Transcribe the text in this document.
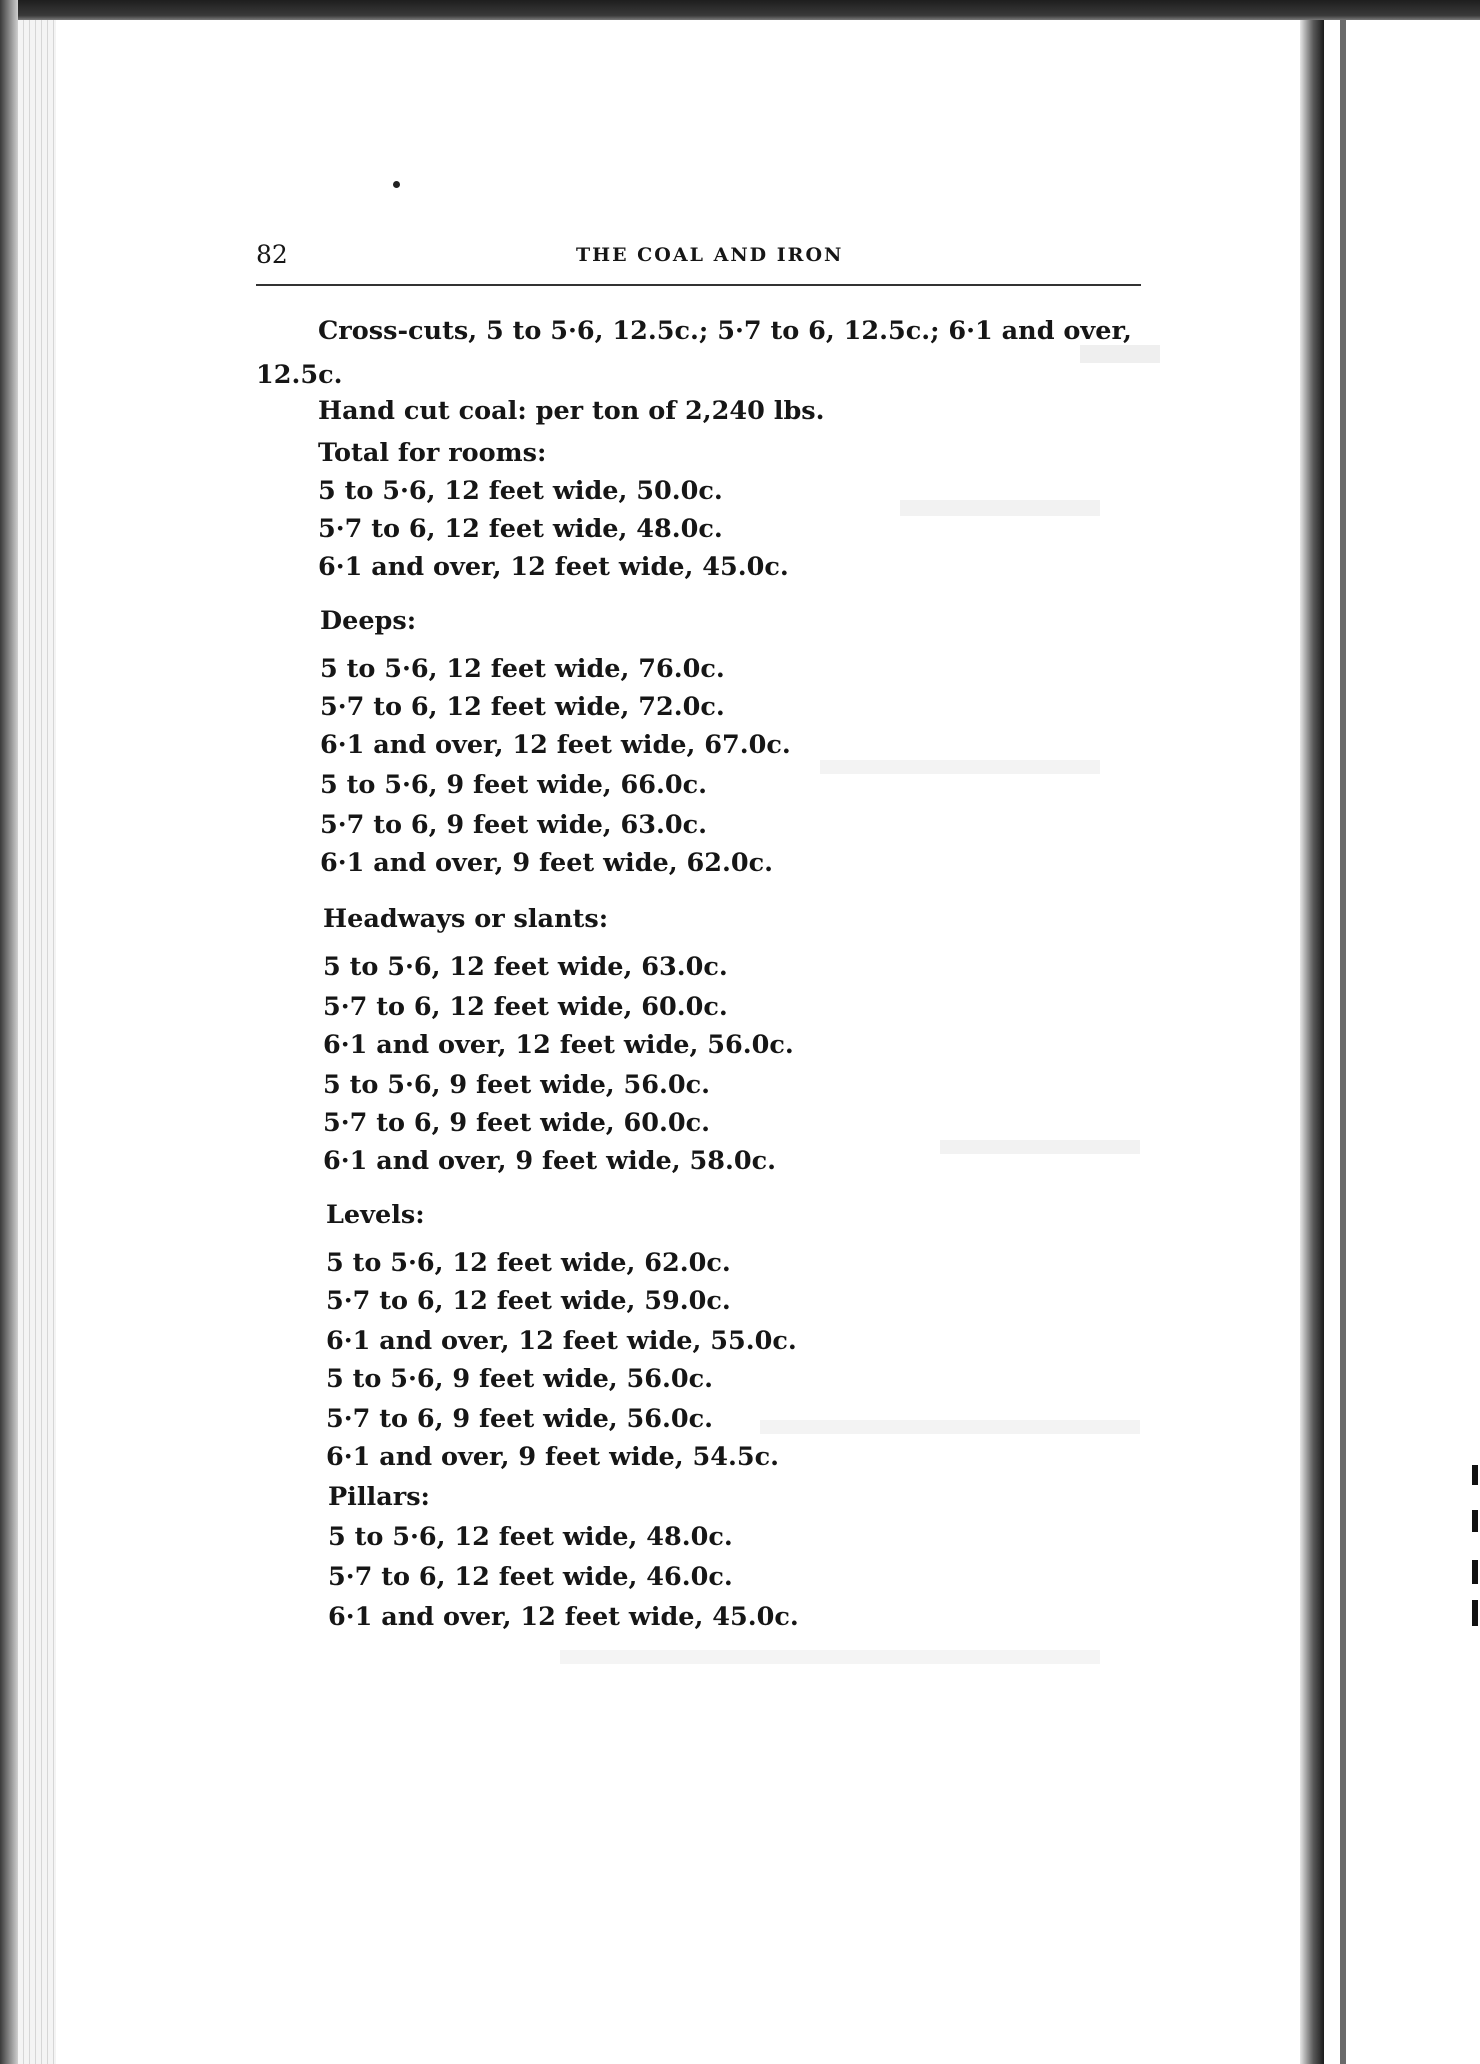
82	THE COAL AND IRON
Cross-cuts, 5 to 5·6, 12.5c.; 5·7 to 6, 12.5c.; 6·1 and over,
12.5c.
Hand cut coal: per ton of 2,240 lbs.
Total for rooms:
5 to 5·6, 12 feet wide, 50.0c.
5·7 to 6, 12 feet wide, 48.0c.
6·1 and over, 12 feet wide, 45.0c.
Deeps:
5 to 5·6, 12 feet wide, 76.0c.
5·7 to 6, 12 feet wide, 72.0c.
6·1 and over, 12 feet wide, 67.0c.
5 to 5·6, 9 feet wide, 66.0c.
5·7 to 6, 9 feet wide, 63.0c.
6·1 and over, 9 feet wide, 62.0c.
Headways or slants:
5 to 5·6, 12 feet wide, 63.0c.
5·7 to 6, 12 feet wide, 60.0c.
6·1 and over, 12 feet wide, 56.0c.
5 to 5·6, 9 feet wide, 56.0c.
5·7 to 6, 9 feet wide, 60.0c.
6·1 and over, 9 feet wide, 58.0c.
Levels:
5 to 5·6, 12 feet wide, 62.0c.
5·7 to 6, 12 feet wide, 59.0c.
6·1 and over, 12 feet wide, 55.0c.
5 to 5·6, 9 feet wide, 56.0c.
5·7 to 6, 9 feet wide, 56.0c.
6·1 and over, 9 feet wide, 54.5c.
Pillars:
5 to 5·6, 12 feet wide, 48.0c.
5·7 to 6, 12 feet wide, 46.0c.
6·1 and over, 12 feet wide, 45.0c.
